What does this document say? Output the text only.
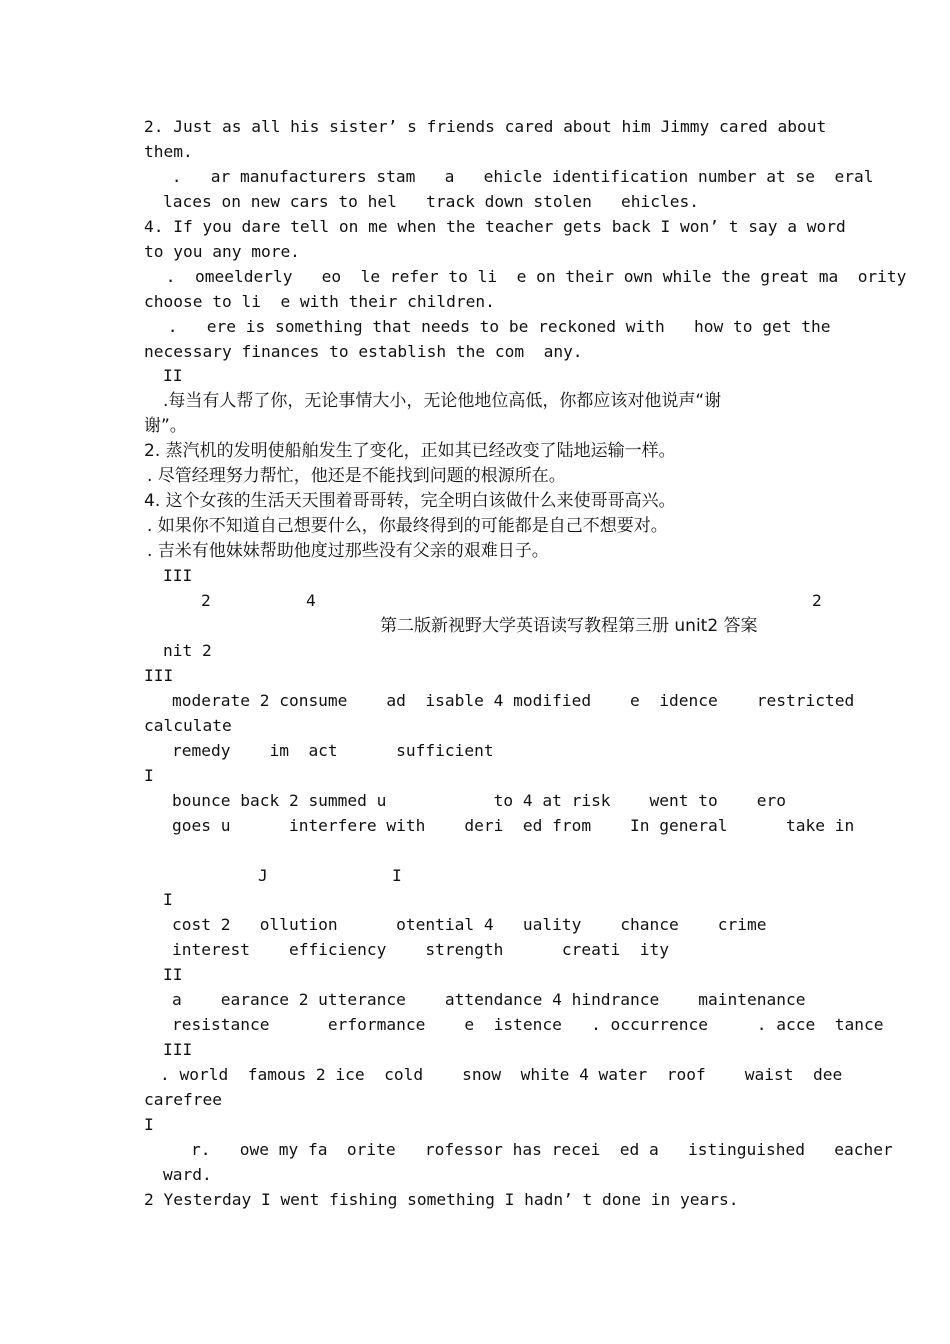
2. Just as all his sister’ s friends cared about him Jimmy cared about
them.
.   ar manufacturers stam   a   ehicle identification number at se  eral
laces on new cars to hel   track down stolen   ehicles.
4. If you dare tell on me when the teacher gets back I won’ t say a word
to you any more.
.  omeelderly   eo  le refer to li  e on their own while the great ma  ority
choose to li  e with their children.
.   ere is something that needs to be reckoned with   how to get the
necessary finances to establish the com  any.
II
.每当有人帮了你，无论事情大小，无论他地位高低，你都应该对他说声“谢
谢”。
2. 蒸汽机的发明使船舶发生了变化，正如其已经改变了陆地运输一样。
. 尽管经理努力帮忙，他还是不能找到问题的根源所在。
4. 这个女孩的生活天天围着哥哥转，完全明白该做什么来使哥哥高兴。
. 如果你不知道自己想要什么，你最终得到的可能都是自己不想要对。
. 吉米有他妹妹帮助他度过那些没有父亲的艰难日子。
III
2	4	2
第二版新视野大学英语读写教程第三册 unit2 答案
nit 2
III
moderate 2 consume    ad  isable 4 modified    e  idence    restricted
calculate
remedy    im  act      sufficient
I
bounce back 2 summed u           to 4 at risk    went to    ero
goes u      interfere with    deri  ed from    In general      take in
J	I
I
cost 2   ollution      otential 4   uality    chance    crime
interest    efficiency    strength      creati  ity
II
a    earance 2 utterance    attendance 4 hindrance    maintenance
resistance      erformance    e  istence   . occurrence     . acce  tance
III
. world  famous 2 ice  cold    snow  white 4 water  roof    waist  dee
carefree
I
r.   owe my fa  orite   rofessor has recei  ed a   istinguished   eacher
ward.
2 Yesterday I went fishing something I hadn’ t done in years.
